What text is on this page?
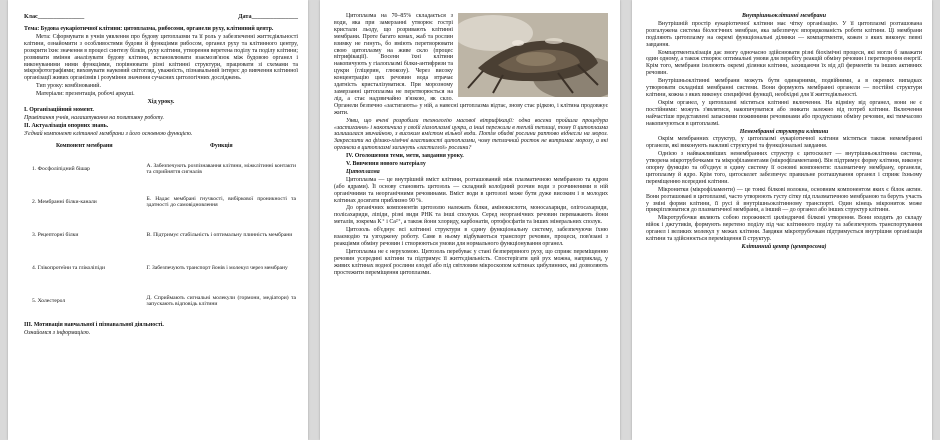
Клас_______________	Дата_______________

Тема: Будова еукаріотичної клітини: цитоплазма, рибосоми, органели руху, клітинний центр.

Мета: Сформувати в учнів уявлення про будову цитоплазми та її роль у забезпеченні життєдіяльності клітини, ознайомити з особливостями будови й функціями рибосом, органел руху та клітинного центру, розкрити їхнє значення в процесі синтезу білків, руху клітини, утворення веретена поділу та поділу клітини; розвивати вміння аналізувати будову клітини, встановлювати взаємозв'язок між будовою органел і виконуваними ними функціями, порівнювати різні клітинні структури, працювати зі схемами та мікрофотографіями; виховувати науковий світогляд, уважність, пізнавальний інтерес до вивчення клітинної організації живих організмів і розуміння значення сучасних цитологічних досліджень.

Тип уроку: комбінований.

Матеріали: презентація, робочі аркуші.

Хід уроку.

І. Організаційний момент.

Привітання учнів, налаштування на позитивну роботу.

ІІ. Актуалізація опорних знань.

З'єднай компонент клітинної мембрани з його основною функцією.

Компонент мембрани	Функція
1. Фосфоліпідний бішар	А. Забезпечують розпізнавання клітини, міжклітинні контакти та сприйняття сигналів
2. Мембранні білки-канали	Б. Надає мембрані гнучкості, вибіркової проникності та здатності до самовідновлення
3. Рецепторні білки	В. Підтримує стабільність і оптимальну плинність мембрани
4. Глікопротеїни та гліколіпіди	Г. Забезпечують транспорт йонів і молекул через мембрану
5. Холестерол	Д. Сприймають сигнальні молекули (гормони, медіатори) та запускають відповідь клітини

ІІІ. Мотивація навчальної і пізнавальної діяльності.

Ознайомся з інформацією.

Цитоплазма на 70–85% складається з води, яка при замерзанні утворює гострі кристали льоду, що розривають клітинні мембрани. Проте багато комах, жаб та рослин взимку не гинуть, бо вміють перетворювати свою цитоплазму на живе скло (процес вітрифікації). Восени їхні клітини накопичують у гіалоплазмі білки-антифризи та цукри (гліцерин, глюкозу). Через високу концентрацію цих речовин вода втрачає здатність кристалізуватися. При морозному замерзанні цитоплазма не перетворюється на лід, а стає надзвичайно в'язкою, як скло. Органели безпечно «застигають» у ній, а навесні цитоплазма відтає, знову стає рідкою, і клітина продовжує жити.

Уяви, що вчені розробили технологію масової вітрифікації: одна восени пройшла процедура «застигання» і накопичила у своїй гіалоплазмі цукри, а інші пережили в теплій теплиці, тому її цитоплазма залишилася звичайною, з високим вмістом вільної води. Потім обидві рослини раптово віднесли на мороз. Закреслити на фізико-хімічні властивості цитоплазми, чому тепличний росток не витримає морозу, а які органели в цитоплазмі загинуть «застиглої» рослини?

IV. Оголошення теми, мети, завдання уроку.

V. Вивчення нового матеріалу

Цитоплазма

Цитоплазма — це внутрішній вміст клітини, розташований між плазматичною мембраною та ядром (або ядрами). Її основу становить цитозоль — складний колоїдний розчин води з розчиненими в ній органічними та неорганічними речовинами. Вміст води в цитозолі може бути дуже високим і в молодих клітинах досягати приблизно 90 %.

До органічних компонентів цитозолю належать білки, амінокислоти, моносахариди, олігосахариди, полісахариди, ліпіди, різні види РНК та інші сполуки. Серед неорганічних речовин переважають йони металів, зокрема K⁺ і Ca²⁺, а також йони хлориду, карбонатів, ортофосфатів та інших мінеральних сполук.

Цитозоль об'єднує всі клітинні структури в єдину функціональну систему, забезпечуючи їхню взаємодію та узгоджену роботу. Саме в ньому відбуваються транспорт речовин, процеси, пов'язані з реакціями обміну речовин і створюються умови для нормального функціонування органел.

Цитоплазма не є нерухомою. Цитозоль перебуває у стані безперервного руху, що сприяє переміщенню речовин усередині клітини та підтримує її життєдіяльність. Спостерігати цей рух можна, наприклад, у живих клітинах водної рослини елодеї або під світловим мікроскопом клітинах цибулинних, які дозволяють простежити переміщення цитоплазми.

Внутрішньоклітинні мембрани

Внутрішній простір еукаріотичної клітини має чітку організацію. У її цитоплазмі розташована розгалужена система біологічних мембран, яка забезпечує впорядкованість роботи клітини. Ці мембрани поділяють цитоплазму на окремі функціональні ділянки — компартменти, кожен з яких виконує певні завдання.

Компартменталізація дає змогу одночасно здійснювати різні біохімічні процеси, які могли б заважати один одному, а також створює оптимальні умови для перебігу реакцій обміну речовин і перетворення енергії. Крім того, мембрани ізолюють окремі ділянки клітини, захищаючи їх від дії ферментів та інших активних речовин.

Внутрішньоклітинні мембрани можуть бути одинарними, подвійними, а в окремих випадках утворювати складніші мембранні системи. Вони формують мембранні органели — постійні структури клітини, кожна з яких виконує специфічні функції, необхідні для її життєдіяльності.

Окрім органел, у цитоплазмі містяться клітинні включення. На відміну від органел, вони не є постійними: можуть з'являтися, накопичуватися або зникати залежно від потреб клітини. Включення найчастіше представлені запасними поживними речовинами або продуктами обміну речовин, які тимчасово накопичуються в цитоплазмі.

Немембранні структури клітини

Окрім мембранних структур, у цитоплазмі еукаріотичної клітини містяться також немембранні органели, які виконують важливі структурні та функціональні завдання.

Однією з найважливіших немембранних структур є цитоскелет — внутрішньоклітинна система, утворена мікротрубочками та мікрофіламентами (мікрофіламентами). Він підтримує форму клітини, виконує опорну функцію та об'єднує в єдину систему її основні компоненти: плазматичну мембрану, органели, цитоплазму й ядро. Крім того, цитоскелет забезпечує правильне розташування органел і сприяє їхньому переміщенню всередині клітини.

Мікронитки (мікрофіламенти) — це тонкі білкові волокна, основним компонентом яких є білок актин. Вони розташовані в цитоплазмі, часто утворюють густу сітку під плазматичною мембраною та беруть участь у зміні форми клітини, її русі й внутрішньоклітинному транспорті. Один кінець мікрониток може прикріплюватися до плазматичної мембрани, а інший — до органел або інших структур клітини.

Мікротрубочки являють собою порожнисті циліндричні білкові утворення. Вони входять до складу війок і джгутиків, формують веретено поділу під час клітинного поділу та забезпечують транспортування органел і великих молекул у межах клітини. Завдяки мікротрубочкам підтримується внутрішня організація клітини та здійснюється переміщення її структур.

Клітинний центр (центросома)
